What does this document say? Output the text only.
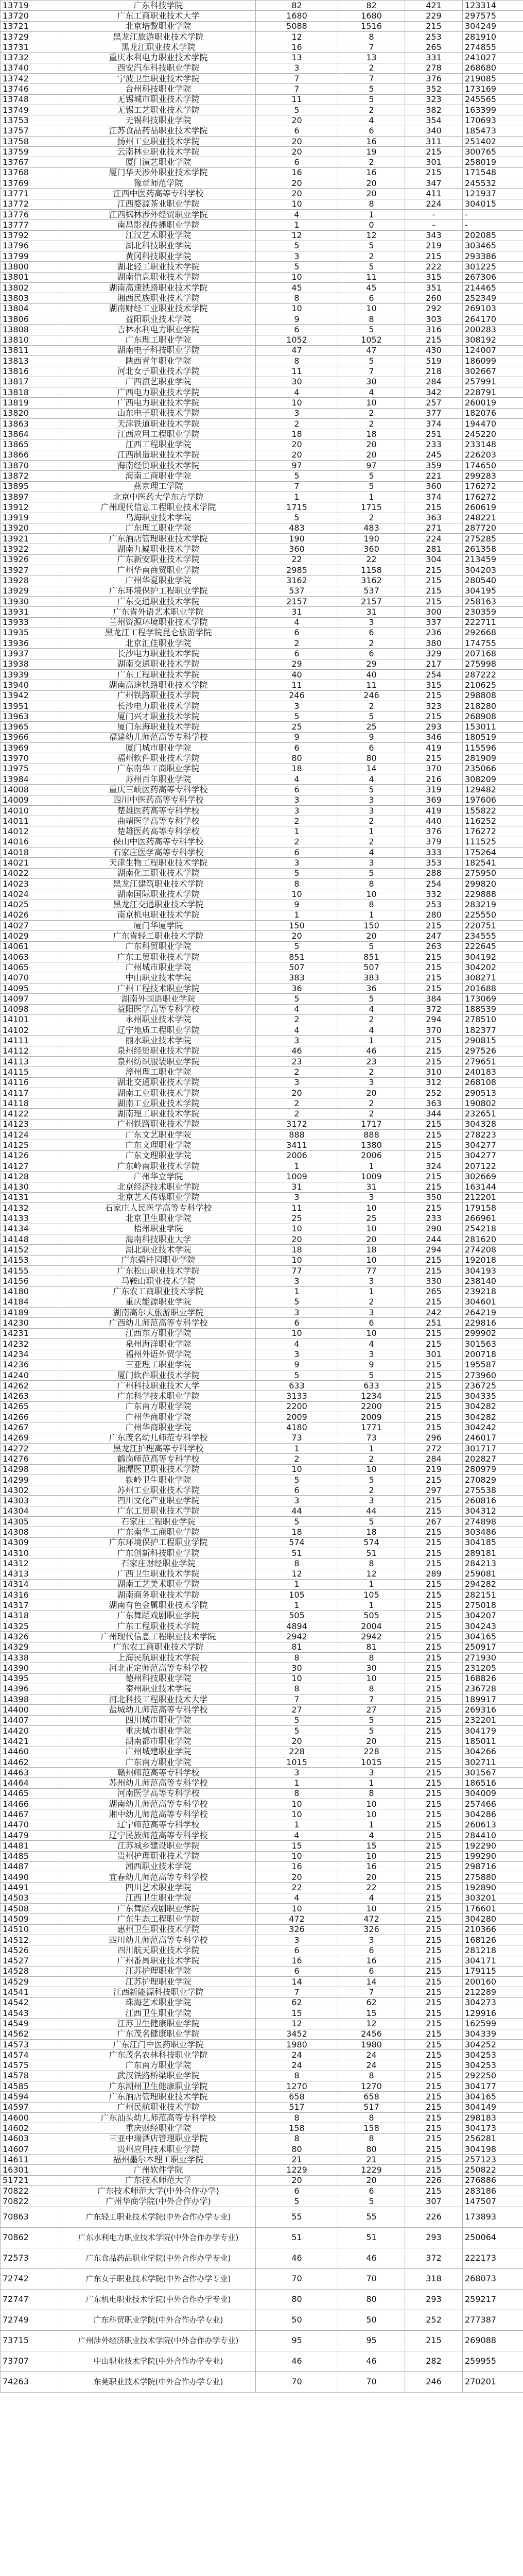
13719	广东科技学院	82	82	421	123314
13720	广东工商职业技术大学	1680	1680	229	297575
13721	北京培黎职业学院	5088	1516	215	304249
13729	黑龙江旅游职业技术学院	12	8	253	281910
13731	黑龙江职业技术学院	16	7	265	274855
13732	重庆水利电力职业技术学院	13	13	331	241027
13740	西安汽车科技职业学院	3	2	278	268680
13742	宁波卫生职业技术学院	7	7	376	219085
13746	台州科技职业学院	7	5	352	173169
13748	无锡城市职业技术学院	11	5	323	245565
13749	无锡工艺职业技术学院	5	2	382	163399
13753	无锡科技职业学院	20	4	354	170693
13757	江苏食品药品职业技术学院	6	6	340	185473
13758	扬州工业职业技术学院	20	16	311	251402
13759	云南林业职业技术学院	20	19	215	300765
13767	厦门演艺职业学院	6	2	301	258019
13768	厦门华天涉外职业技术学院	16	16	215	171548
13769	豫章师范学院	20	20	347	245532
13771	江西中医药高等专科学校	20	20	411	121937
13772	江西婺源茶业职业学院	10	8	224	304015
13776	江西枫林涉外经贸职业学院	4	1	-	-
13777	南昌影视传播职业学院	1	0	-	-
13792	江汉艺术职业学院	12	12	343	202085
13796	湖北科技职业学院	5	5	219	303465
13799	黄冈科技职业学院	3	2	215	293386
13800	湖北轻工职业技术学院	5	5	222	301225
13801	湖南信息职业技术学院	10	11	315	267306
13802	湖南高速铁路职业技术学院	45	45	351	214465
13803	湘西民族职业技术学院	8	6	260	252349
13804	湖南财经工业职业技术学院	10	10	292	269103
13806	益阳职业技术学院	9	8	303	264170
13808	吉林水利电力职业学院	6	5	316	200283
13810	广东理工职业学院	1052	1052	215	308192
13811	湖南电子科技职业学院	47	47	430	124007
13813	陕西青年职业学院	8	5	519	186099
13816	河北女子职业技术学院	11	7	218	302667
13817	广西演艺职业学院	30	30	284	257991
13818	广西电力职业技术学院	4	4	342	228791
13819	广西电力职业技术学院	10	10	257	260019
13820	山东电子职业技术学院	3	2	377	182076
13863	天津铁道职业技术学院	2	2	374	194470
13864	江西应用工程职业学院	18	18	251	245220
13865	江西工程职业学院	20	20	233	233148
13866	江西制造职业技术学院	20	20	245	226203
13870	海南经贸职业技术学院	97	97	359	174650
13872	海南工商职业学院	5	5	221	299283
13895	燕京理工学院	7	5	360	176272
13897	北京中医药大学东方学院	1	1	374	176272
13912	广州现代信息工程职业技术学院	1715	1715	215	260619
13919	乌海职业技术学院	5	2	363	248221
13920	广东理工职业学院	483	483	271	287720
13921	广东酒店管理职业技术学院	190	190	224	275285
13922	湖南九嶷职业技术学院	360	360	281	261358
13926	广东新安职业技术学院	22	22	304	213459
13927	广州华南商贸职业学院	2985	1158	215	304203
13928	广州华夏职业学院	3162	3162	215	280540
13929	广东环境保护工程职业学院	537	537	215	304195
13930	广东交通职业技术学院	2157	2157	215	258163
13931	广东省外语艺术职业学院	31	31	300	230359
13933	兰州资源环境职业技术学院	4	3	337	222711
13935	黑龙江工程学院昆仑旅游学院	6	6	236	292668
13936	北京汇佳职业学院	2	2	380	174755
13937	长沙电力职业技术学院	6	6	329	207168
13938	湖南交通职业技术学院	29	29	217	275998
13939	广东工程职业技术学院	40	40	254	287222
13940	湖南高速铁路职业技术学院	11	11	315	210625
13942	广州铁路职业技术学院	246	246	215	298808
13951	长沙电力职业技术学院	3	2	323	218280
13963	厦门兴才职业技术学院	5	5	215	268908
13965	厦门东海职业技术学院	25	25	293	153011
13966	福建幼儿师范高等专科学校	9	9	346	180519
13969	厦门城市职业学院	6	6	419	115596
13970	福州软件职业技术学院	80	80	215	281909
13975	广东南华工商职业学院	18	14	370	235066
13984	苏州百年职业学院	4	4	216	308209
14008	重庆三峡医药高等专科学校	6	5	319	129482
14009	四川中医药高等专科学校	3	3	369	197606
14010	楚雄医药高等专科学校	3	3	419	155822
14011	曲靖医学高等专科学校	2	2	440	116252
14012	楚雄医药高等专科学校	1	1	376	176272
14016	保山中医药高等专科学校	2	2	379	111525
14018	石家庄医学高等专科学校	6	4	333	175264
14021	天津生物工程职业技术学院	3	3	353	182541
14022	湖南化工职业技术学院	5	5	288	275950
14023	黑龙江建筑职业技术学院	8	8	254	299820
14024	湖南国际职业技术学院	10	10	332	229888
14025	黑龙江交通职业技术学院	9	8	253	283219
14026	南京机电职业技术学院	1	1	280	225550
14027	厦门华厦学院	150	150	215	220751
14029	广东省轻工职业技术学院	20	20	247	234555
14061	广东科贸职业学院	5	5	263	222645
14063	广东工贸职业技术学院	851	851	215	304192
14065	广州城市职业学院	507	507	215	304202
14070	中山职业技术学院	383	383	215	308271
14095	广州工程技术职业学院	36	36	215	201688
14097	湖南外国语职业学院	5	5	384	173069
14098	益阳医学高等专科学校	4	4	372	188539
14101	永州职业技术学院	2	2	294	278510
14102	辽宁地质工程职业学院	4	4	370	182377
14111	丽水职业技术学院	3	1	215	290815
14112	泉州经贸职业技术学院	46	46	215	297526
14113	泉州纺织服装职业学院	23	23	215	279651
14115	漳州理工职业学院	2	2	310	240183
14116	湖北交通职业技术学院	3	3	312	268108
14117	湖南工业职业技术学院	20	20	252	290513
14118	湖南工业职业技术学院	2	2	363	190802
14122	湖南理工职业技术学院	2	2	344	232651
14123	广州铁路职业技术学院	3172	1717	215	304328
14124	广东文艺职业学院	888	888	215	278223
14125	广东文理职业学院	3411	1380	215	304277
14126	广东文理职业学院	2006	2006	215	304277
14127	广东岭南职业技术学院	1	1	324	207122
14128	广州华立学院	1009	1009	215	302669
14130	北京经济技术职业学院	31	31	215	163144
14131	北京艺术传媒职业学院	3	3	350	212201
14132	石家庄人民医学高等专科学校	11	10	215	179158
14133	北京卫生职业学院	25	25	233	266961
14134	梧州职业学院	10	10	290	254218
14148	海南科技职业大学	20	20	244	281620
14152	湖北职业技术学院	18	18	294	274208
14153	广东碧桂园职业学院	10	10	215	192018
14155	广东松山职业技术学院	77	77	215	304193
14156	马鞍山职业技术学院	3	3	330	238140
14180	广东农工商职业技术学院	1	1	265	239218
14184	重庆能源职业学院	5	2	215	304601
14189	湖南高尔夫旅游职业学院	3	3	242	264219
14230	广西幼儿师范高等专科学校	6	6	251	229816
14231	江西东方职业学院	10	10	215	299902
14232	泉州海洋职业学院	4	4	215	301563
14234	福州外语外贸学院	3	3	301	200718
14236	三亚理工职业学院	9	9	215	195587
14240	厦门软件职业技术学院	5	5	215	273960
14262	广州科技职业技术大学	633	633	215	236725
14263	广东科学技术职业学院	3133	1234	215	304335
14265	广东南方职业学院	2200	2200	215	304282
14266	广州华商职业学院	2009	2009	215	304282
14267	广州华商职业学院	4180	1771	215	304242
14269	广东茂名幼儿师范专科学校	73	73	296	246017
14272	黑龙江护理高等专科学校	1	1	272	301717
14276	鹤岗师范高等专科学校	2	2	284	202827
14298	湘潭医卫职业技术学院	10	10	219	280979
14299	铁岭卫生职业学院	5	5	215	270829
14302	苏州工业职业技术学院	6	2	297	275538
14303	四川文化产业职业学院	3	3	215	260816
14304	广东工贸职业技术学院	44	44	215	304312
14305	石家庄工程职业学院	5	5	267	274898
14308	广东南华工商职业学院	18	18	215	303486
14309	广东环境保护工程职业学院	574	574	215	304185
14310	广东创新科技职业学院	51	51	215	289181
14312	石家庄财经职业学院	8	8	215	284213
14313	广西卫生职业技术学院	12	12	289	259081
14314	湖南工艺美术职业学院	1	1	215	294282
14316	湖南商务职业技术学院	105	105	215	282151
14317	湖南有色金属职业技术学院	1	1	215	275018
14318	广东舞蹈戏剧职业学院	505	505	215	304207
14325	广东工程职业技术学院	4894	2004	215	304243
14326	广州现代信息工程职业技术学院	2942	2942	215	304165
14329	广东农工商职业技术学院	81	81	215	250917
14338	上海民航职业技术学院	8	8	215	271930
14390	河北正定师范高等专科学校	30	30	215	231205
14395	德州科技职业学院	10	10	215	168826
14396	泰州职业技术学院	8	8	215	236728
14398	河北科技工程职业技术大学	7	7	215	189917
14400	盐城幼儿师范高等专科学校	27	27	215	269316
14407	四川城市职业学院	5	5	215	232201
14420	重庆城市职业学院	5	5	215	304179
14421	湖南都市职业学院	20	20	215	185011
14460	广州城建职业学院	228	228	215	304266
14462	广东南方职业学院	1015	1015	215	302711
14463	赣州师范高等专科学校	3	3	215	301567
14464	苏州幼儿师范高等专科学校	1	1	215	186516
14465	河南医学高等专科学校	8	8	215	304009
14466	湖南幼儿师范高等专科学校	10	10	215	257466
14467	湘中幼儿师范高等专科学校	10	10	215	304286
14470	辽宁师范高等专科学校	1	1	215	260613
14479	辽宁民族师范高等专科学校	4	4	215	284410
14481	江苏城乡建设职业学院	15	15	215	192290
14485	贵州护理职业技术学院	10	10	215	199290
14487	湘西职业技术学院	16	16	215	298716
14490	宜春幼儿师范高等专科学校	20	20	215	275880
14491	四川艺术职业学院	22	22	215	192890
14503	江西卫生职业学院	4	4	215	303201
14508	广东舞蹈戏剧职业学院	10	10	215	176601
14509	广东生态工程职业学院	472	472	215	304280
14510	惠州卫生职业技术学院	326	326	215	210366
14512	四川幼儿师范高等专科学校	3	3	215	168126
14526	四川航天职业技术学院	6	6	215	281218
14527	广州番禺职业技术学院	16	16	215	304171
14528	江苏护理职业学院	6	6	215	179115
14529	江苏护理职业学院	14	14	215	200160
14541	江西新能源科技职业学院	7	7	215	212289
14542	珠海艺术职业学院	62	62	215	304273
14543	江西卫生职业学院	15	15	215	129916
14549	江苏卫生健康职业学院	12	12	215	162599
14562	广东茂名健康职业学院	3452	2456	215	304339
14573	广东江门中医药职业学院	1980	1980	215	304252
14574	广东茂名农林科技职业学院	24	24	215	304253
14575	广东南方职业学院	24	24	215	304253
14578	武汉铁路桥梁职业学院	8	8	215	292250
14585	广东潮州卫生健康职业学院	1270	1270	215	304177
14594	广东酒店管理职业技术学院	658	658	215	304165
14597	广州民航职业技术学院	517	517	215	304149
14600	广东汕头幼儿师范高等专科学校	8	8	215	298183
14602	重庆财经职业学院	158	158	215	304173
14603	三亚中瑞酒店管理职业学院	8	8	215	256281
14607	贵州应用技术职业学院	80	80	215	304198
14611	福州墨尔本理工职业学院	21	21	215	257123
16301	广州软件学院	1229	1229	215	250822
51721	广东技术师范大学	20	20	226	276886
70822	广东技术师范大学(中外合作办学)	6	6	215	283186
70822	广州华商学院(中外合作办学)	5	5	307	147507
70863	广东轻工职业技术学院(中外合作办学专业)	55	55	226	173893
70862	广东水利电力职业技术学院(中外合作办学专业)	51	51	293	250064
72573	广东食品药品职业学院(中外合作办学专业)	46	46	372	222173
72742	广东女子职业技术学院(中外合作办学专业)	70	70	318	268073
72747	广东机电职业技术学院(中外合作办学专业)	80	80	293	259217
72749	广东科贸职业学院(中外合作办学专业)	50	50	252	277387
73715	广州涉外经济职业技术学院(中外合作办学专业)	95	95	215	269088
73707	中山职业技术学院(中外合作办学专业)	46	46	282	259955
74263	东莞职业技术学院(中外合作办学专业)	70	70	246	270201
